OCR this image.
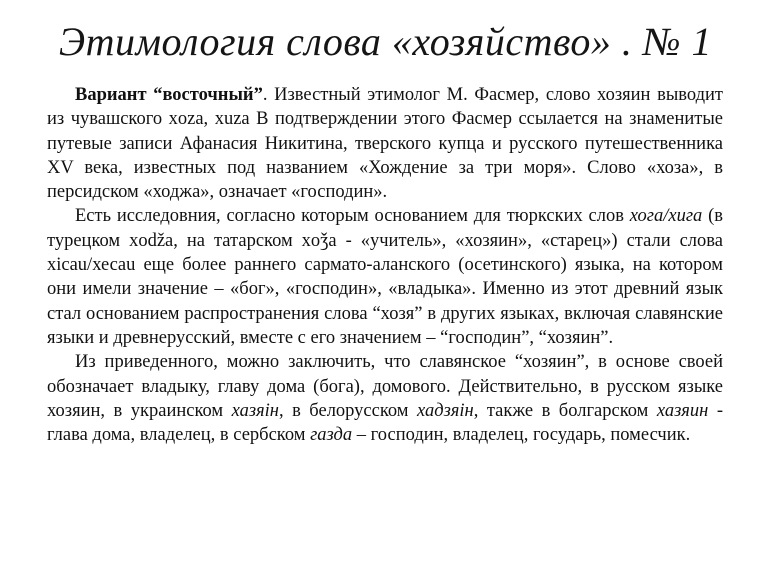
Этимология слова «хозяйство» . № 1

Вариант “восточный”. Известный этимолог М. Фасмер, слово хозяин выводит из чувашского xoza, xuza В подтверждении этого Фасмер ссылается на знаменитые путевые записи Афанасия Никитина, тверского купца и русского путешественника XV века, известных под названием «Хождение за три моря». Слово «хоза», в персидском «ходжа», означает «господин».

Есть исследовния, согласно которым основанием для тюркских слов хога/хига (в турецком xodža, на татарском xoǯa - «учитель», «хозяин», «старец») стали слова xicau/хесau еще более раннего сармато-аланского (осетинского) языка, на котором они имели значение – «бог», «господин», «владыка». Именно из этот древний язык стал основанием распространения слова “хозя” в других языках, включая славянские языки и древнерусский, вместе с его значением – “господин”, “хозяин”.

Из приведенного, можно заключить, что славянское “хозяин”, в основе своей обозначает владыку, главу дома (бога), домового. Действительно, в русском языке хозяин, в украинском хазяiн, в белорусском хадзяiн, также в болгарском хазяин - глава дома, владелец, в сербском газда – господин, владелец, государь, помесчик.
